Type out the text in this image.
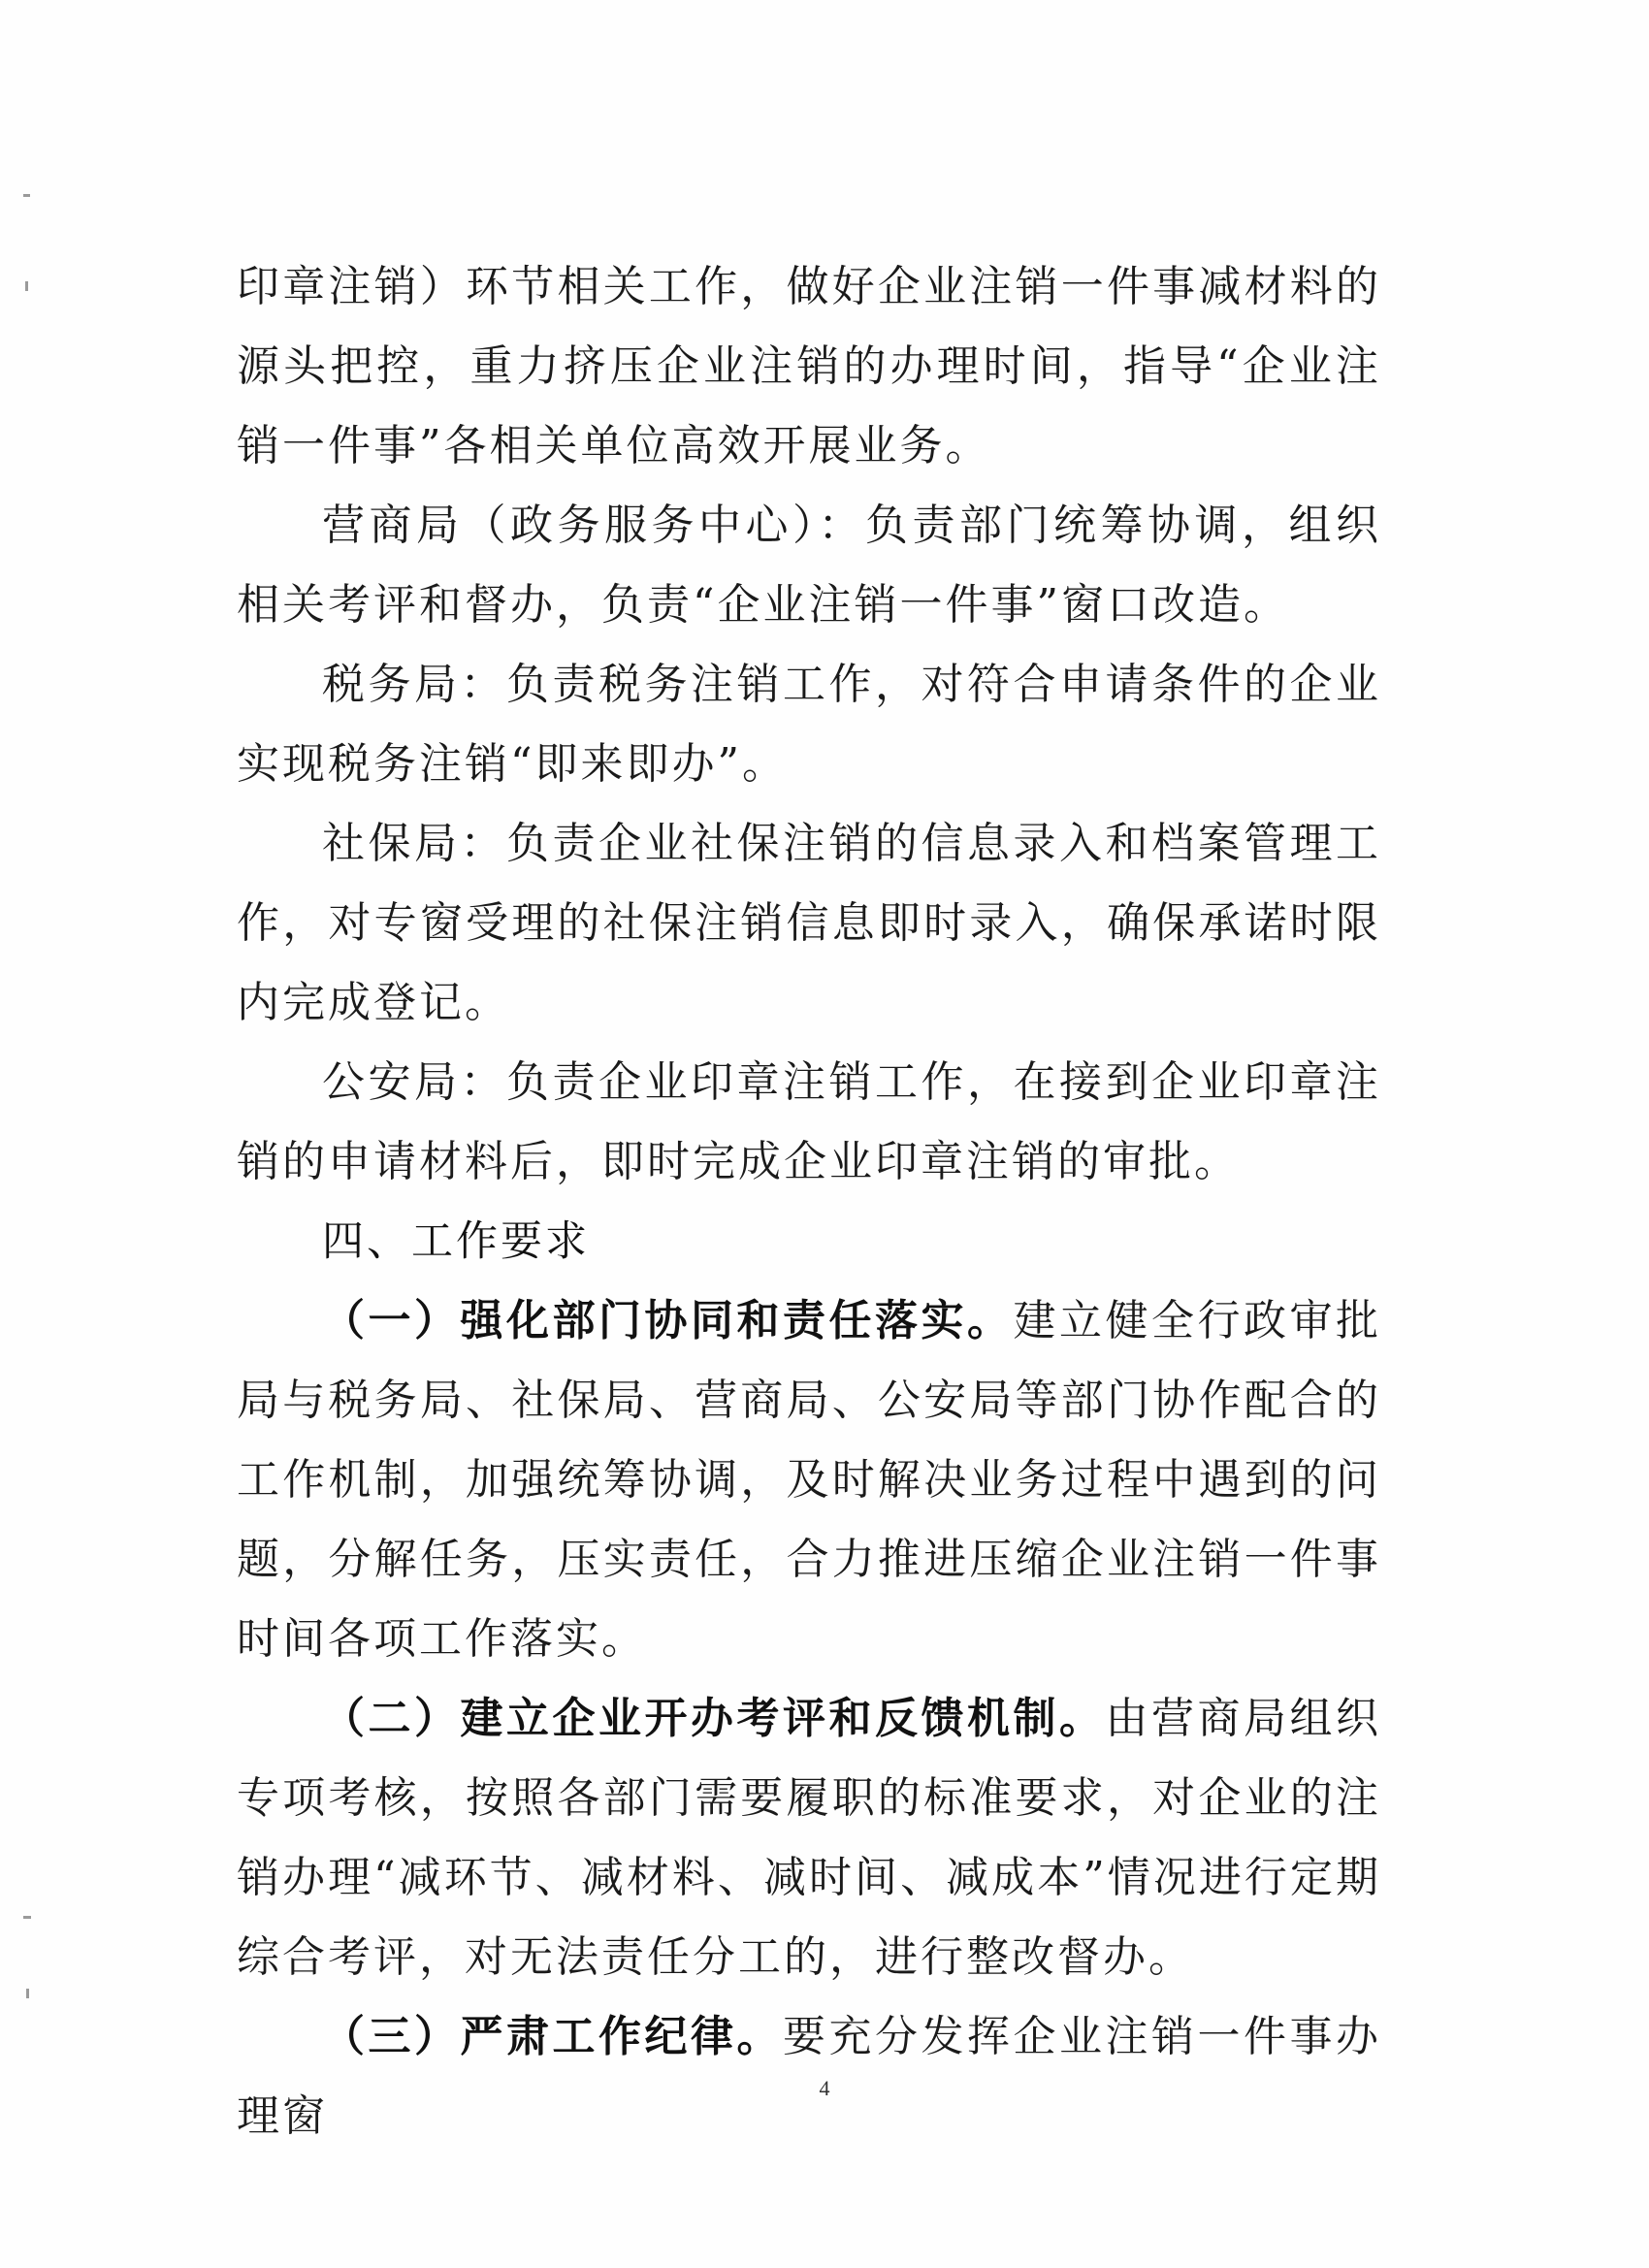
印章注销）环节相关工作，做好企业注销一件事减材料的源头把控，重力挤压企业注销的办理时间，指导“企业注销一件事”各相关单位高效开展业务。

营商局（政务服务中心）：负责部门统筹协调，组织相关考评和督办，负责“企业注销一件事”窗口改造。

税务局：负责税务注销工作，对符合申请条件的企业实现税务注销“即来即办”。

社保局：负责企业社保注销的信息录入和档案管理工作，对专窗受理的社保注销信息即时录入，确保承诺时限内完成登记。

公安局：负责企业印章注销工作，在接到企业印章注销的申请材料后，即时完成企业印章注销的审批。

四、工作要求

（一）强化部门协同和责任落实。建立健全行政审批局与税务局、社保局、营商局、公安局等部门协作配合的工作机制，加强统筹协调，及时解决业务过程中遇到的问题，分解任务，压实责任，合力推进压缩企业注销一件事时间各项工作落实。

（二）建立企业开办考评和反馈机制。由营商局组织专项考核，按照各部门需要履职的标准要求，对企业的注销办理“减环节、减材料、减时间、减成本”情况进行定期综合考评，对无法责任分工的，进行整改督办。

（三）严肃工作纪律。要充分发挥企业注销一件事办理窗

4
